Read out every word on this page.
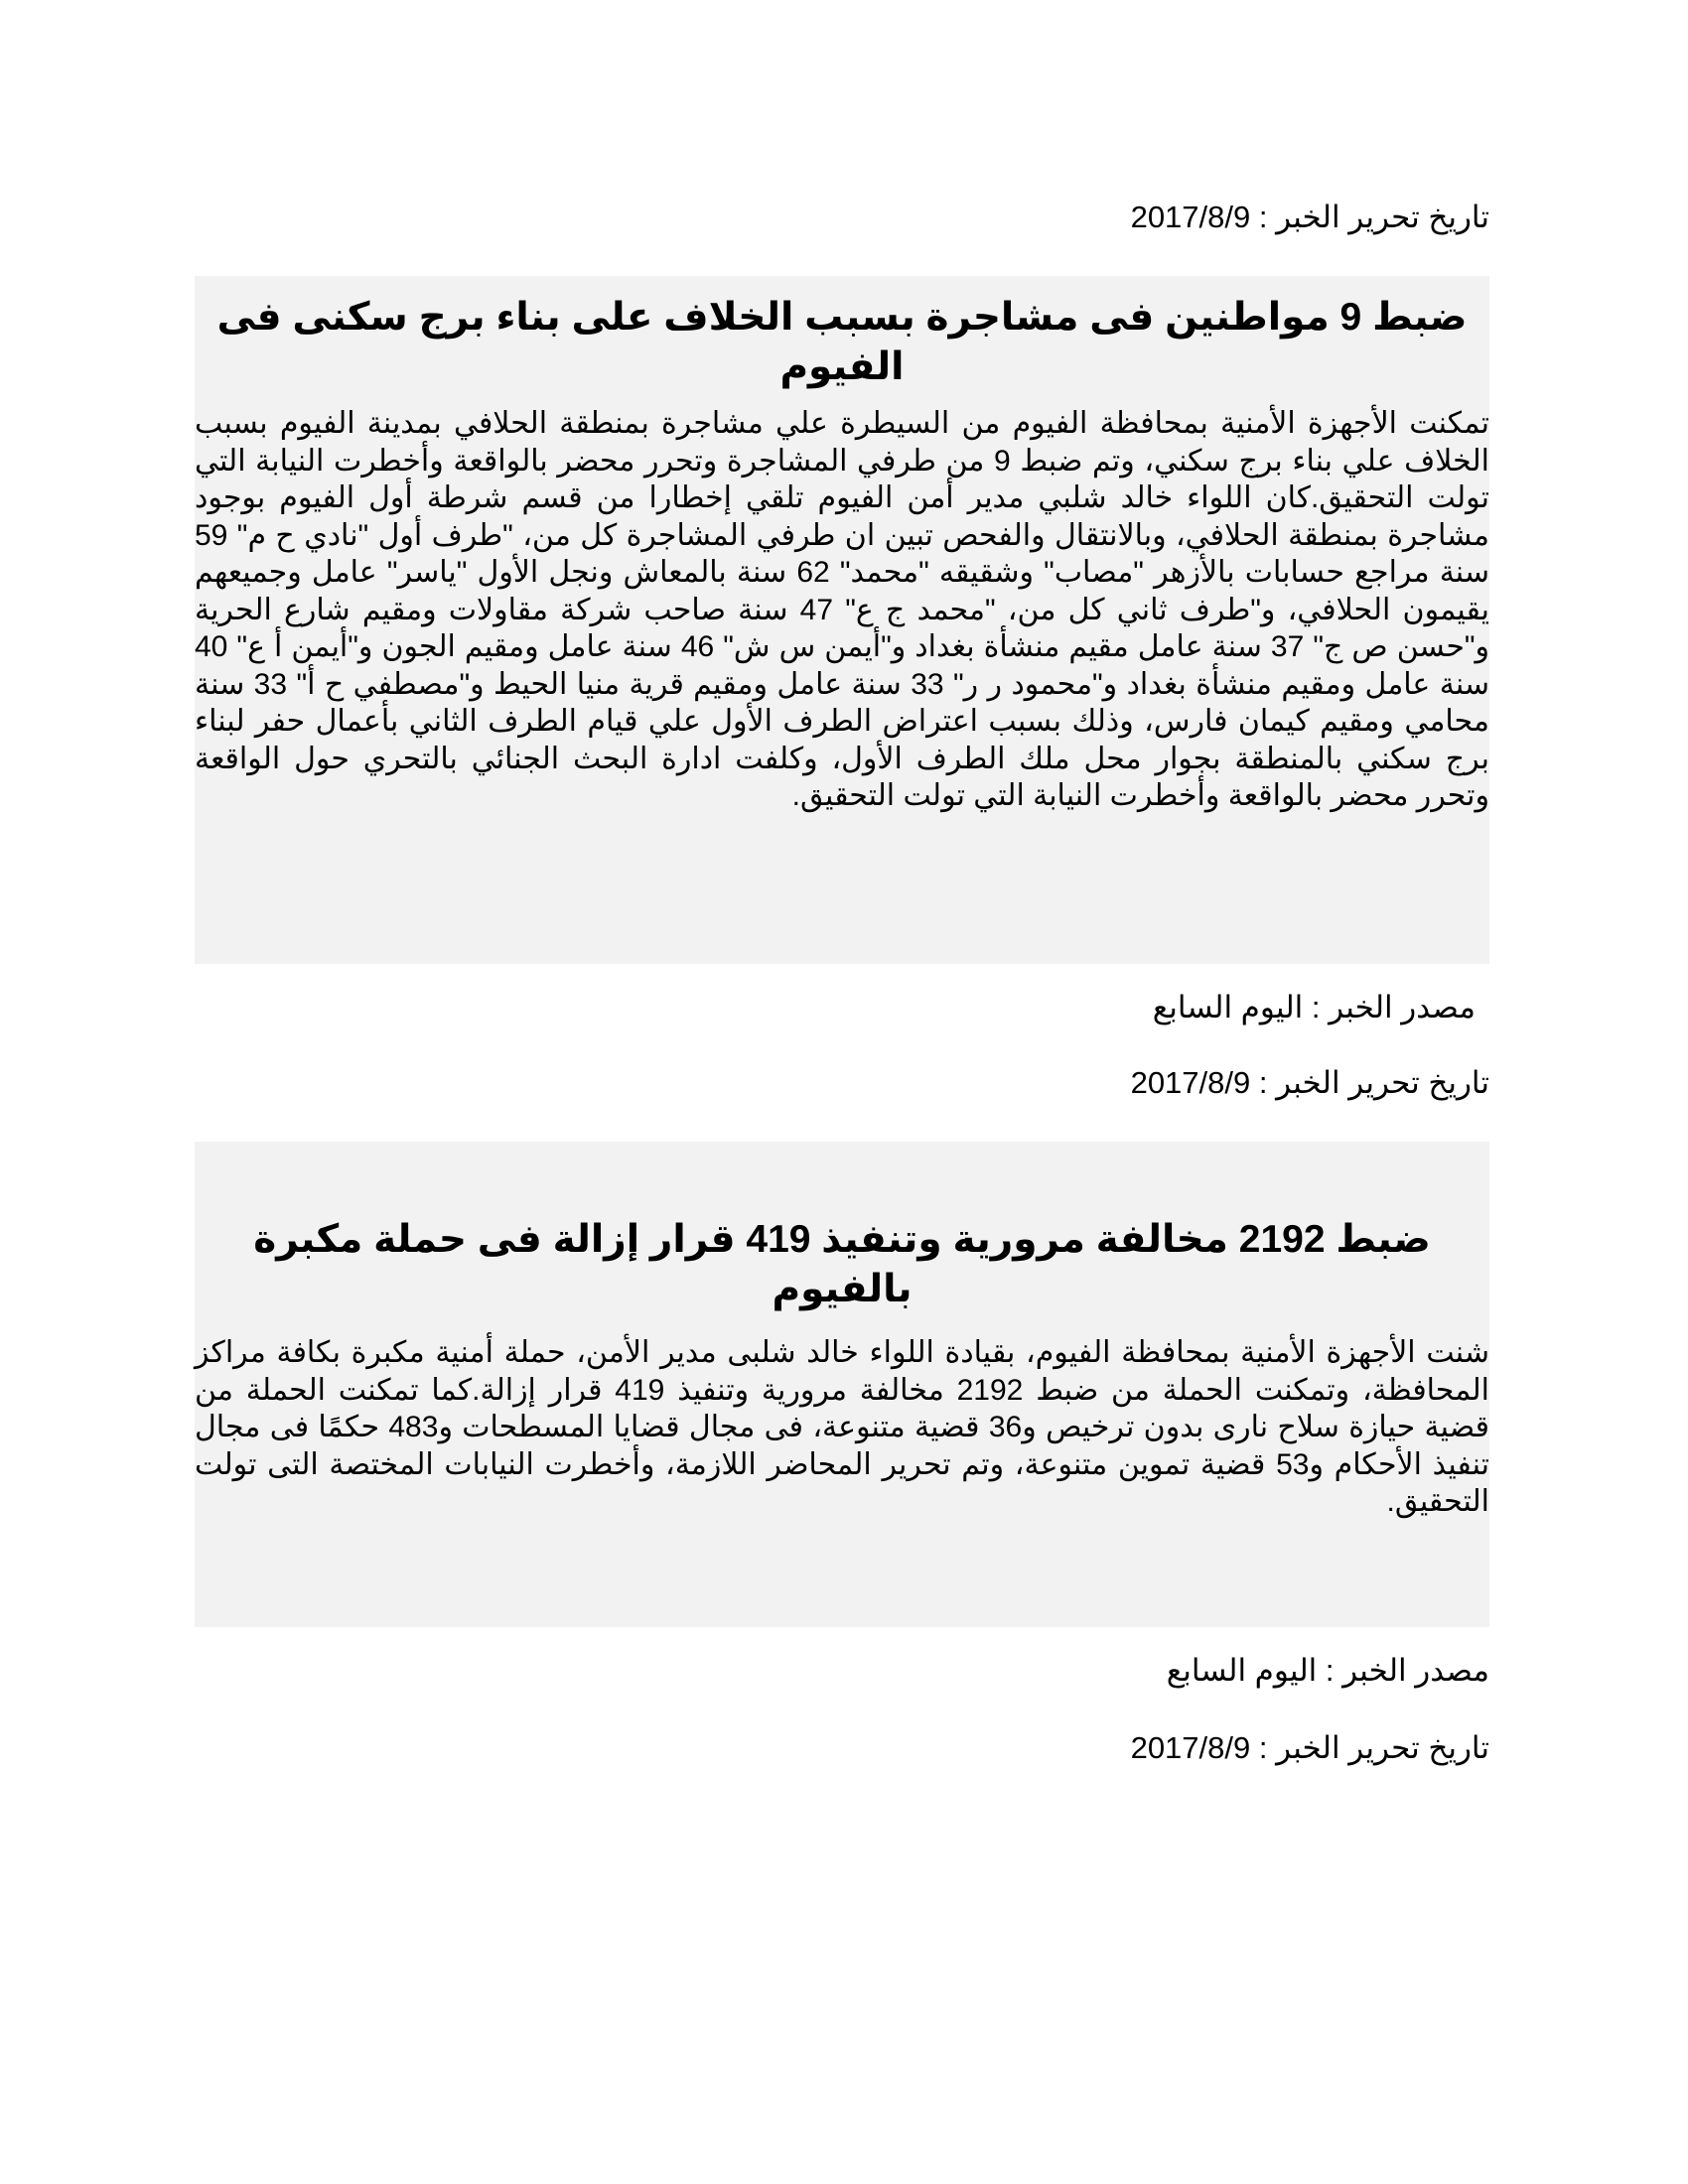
تاريخ تحرير الخبر : 2017/8/9
ضبط 9 مواطنين فى مشاجرة بسبب الخلاف على بناء برج سكنى فى الفيوم

تمكنت الأجهزة الأمنية بمحافظة الفيوم من السيطرة علي مشاجرة بمنطقة الحلافي بمدينة الفيوم بسبب الخلاف علي بناء برج سكني، وتم ضبط 9 من طرفي المشاجرة وتحرر محضر بالواقعة وأخطرت النيابة التي تولت التحقيق.كان اللواء خالد شلبي مدير أمن الفيوم تلقي إخطارا من قسم شرطة أول الفيوم بوجود مشاجرة بمنطقة الحلافي، وبالانتقال والفحص تبين ان طرفي المشاجرة كل من، "طرف أول "نادي ح م" 59 سنة مراجع حسابات بالأزهر "مصاب" وشقيقه "محمد" 62 سنة بالمعاش ونجل الأول "ياسر" عامل وجميعهم يقيمون الحلافي، و"طرف ثاني كل من، "محمد ج ع" 47 سنة صاحب شركة مقاولات ومقيم شارع الحرية و"حسن ص ج" 37 سنة عامل مقيم منشأة بغداد و"أيمن س ش" 46 سنة عامل ومقيم الجون و"أيمن أ ع" 40 سنة عامل ومقيم منشأة بغداد و"محمود ر ر" 33 سنة عامل ومقيم قرية منيا الحيط و"مصطفي ح أ" 33 سنة محامي ومقيم كيمان فارس، وذلك بسبب اعتراض الطرف الأول علي قيام الطرف الثاني بأعمال حفر لبناء برج سكني بالمنطقة بجوار محل ملك الطرف الأول، وكلفت ادارة البحث الجنائي بالتحري حول الواقعة وتحرر محضر بالواقعة وأخطرت النيابة التي تولت التحقيق.

مصدر الخبر : اليوم السابع
تاريخ تحرير الخبر : 2017/8/9
ضبط 2192 مخالفة مرورية وتنفيذ 419 قرار إزالة فى حملة مكبرة بالفيوم

شنت الأجهزة الأمنية بمحافظة الفيوم، بقيادة اللواء خالد شلبى مدير الأمن، حملة أمنية مكبرة بكافة مراكز المحافظة، وتمكنت الحملة من ضبط 2192 مخالفة مرورية وتنفيذ 419 قرار إزالة.كما تمكنت الحملة من قضية حيازة سلاح نارى بدون ترخيص و36 قضية متنوعة، فى مجال قضايا المسطحات و483 حكمًا فى مجال تنفيذ الأحكام و53 قضية تموين متنوعة، وتم تحرير المحاضر اللازمة، وأخطرت النيابات المختصة التى تولت التحقيق.

مصدر الخبر : اليوم السابع
تاريخ تحرير الخبر : 2017/8/9
